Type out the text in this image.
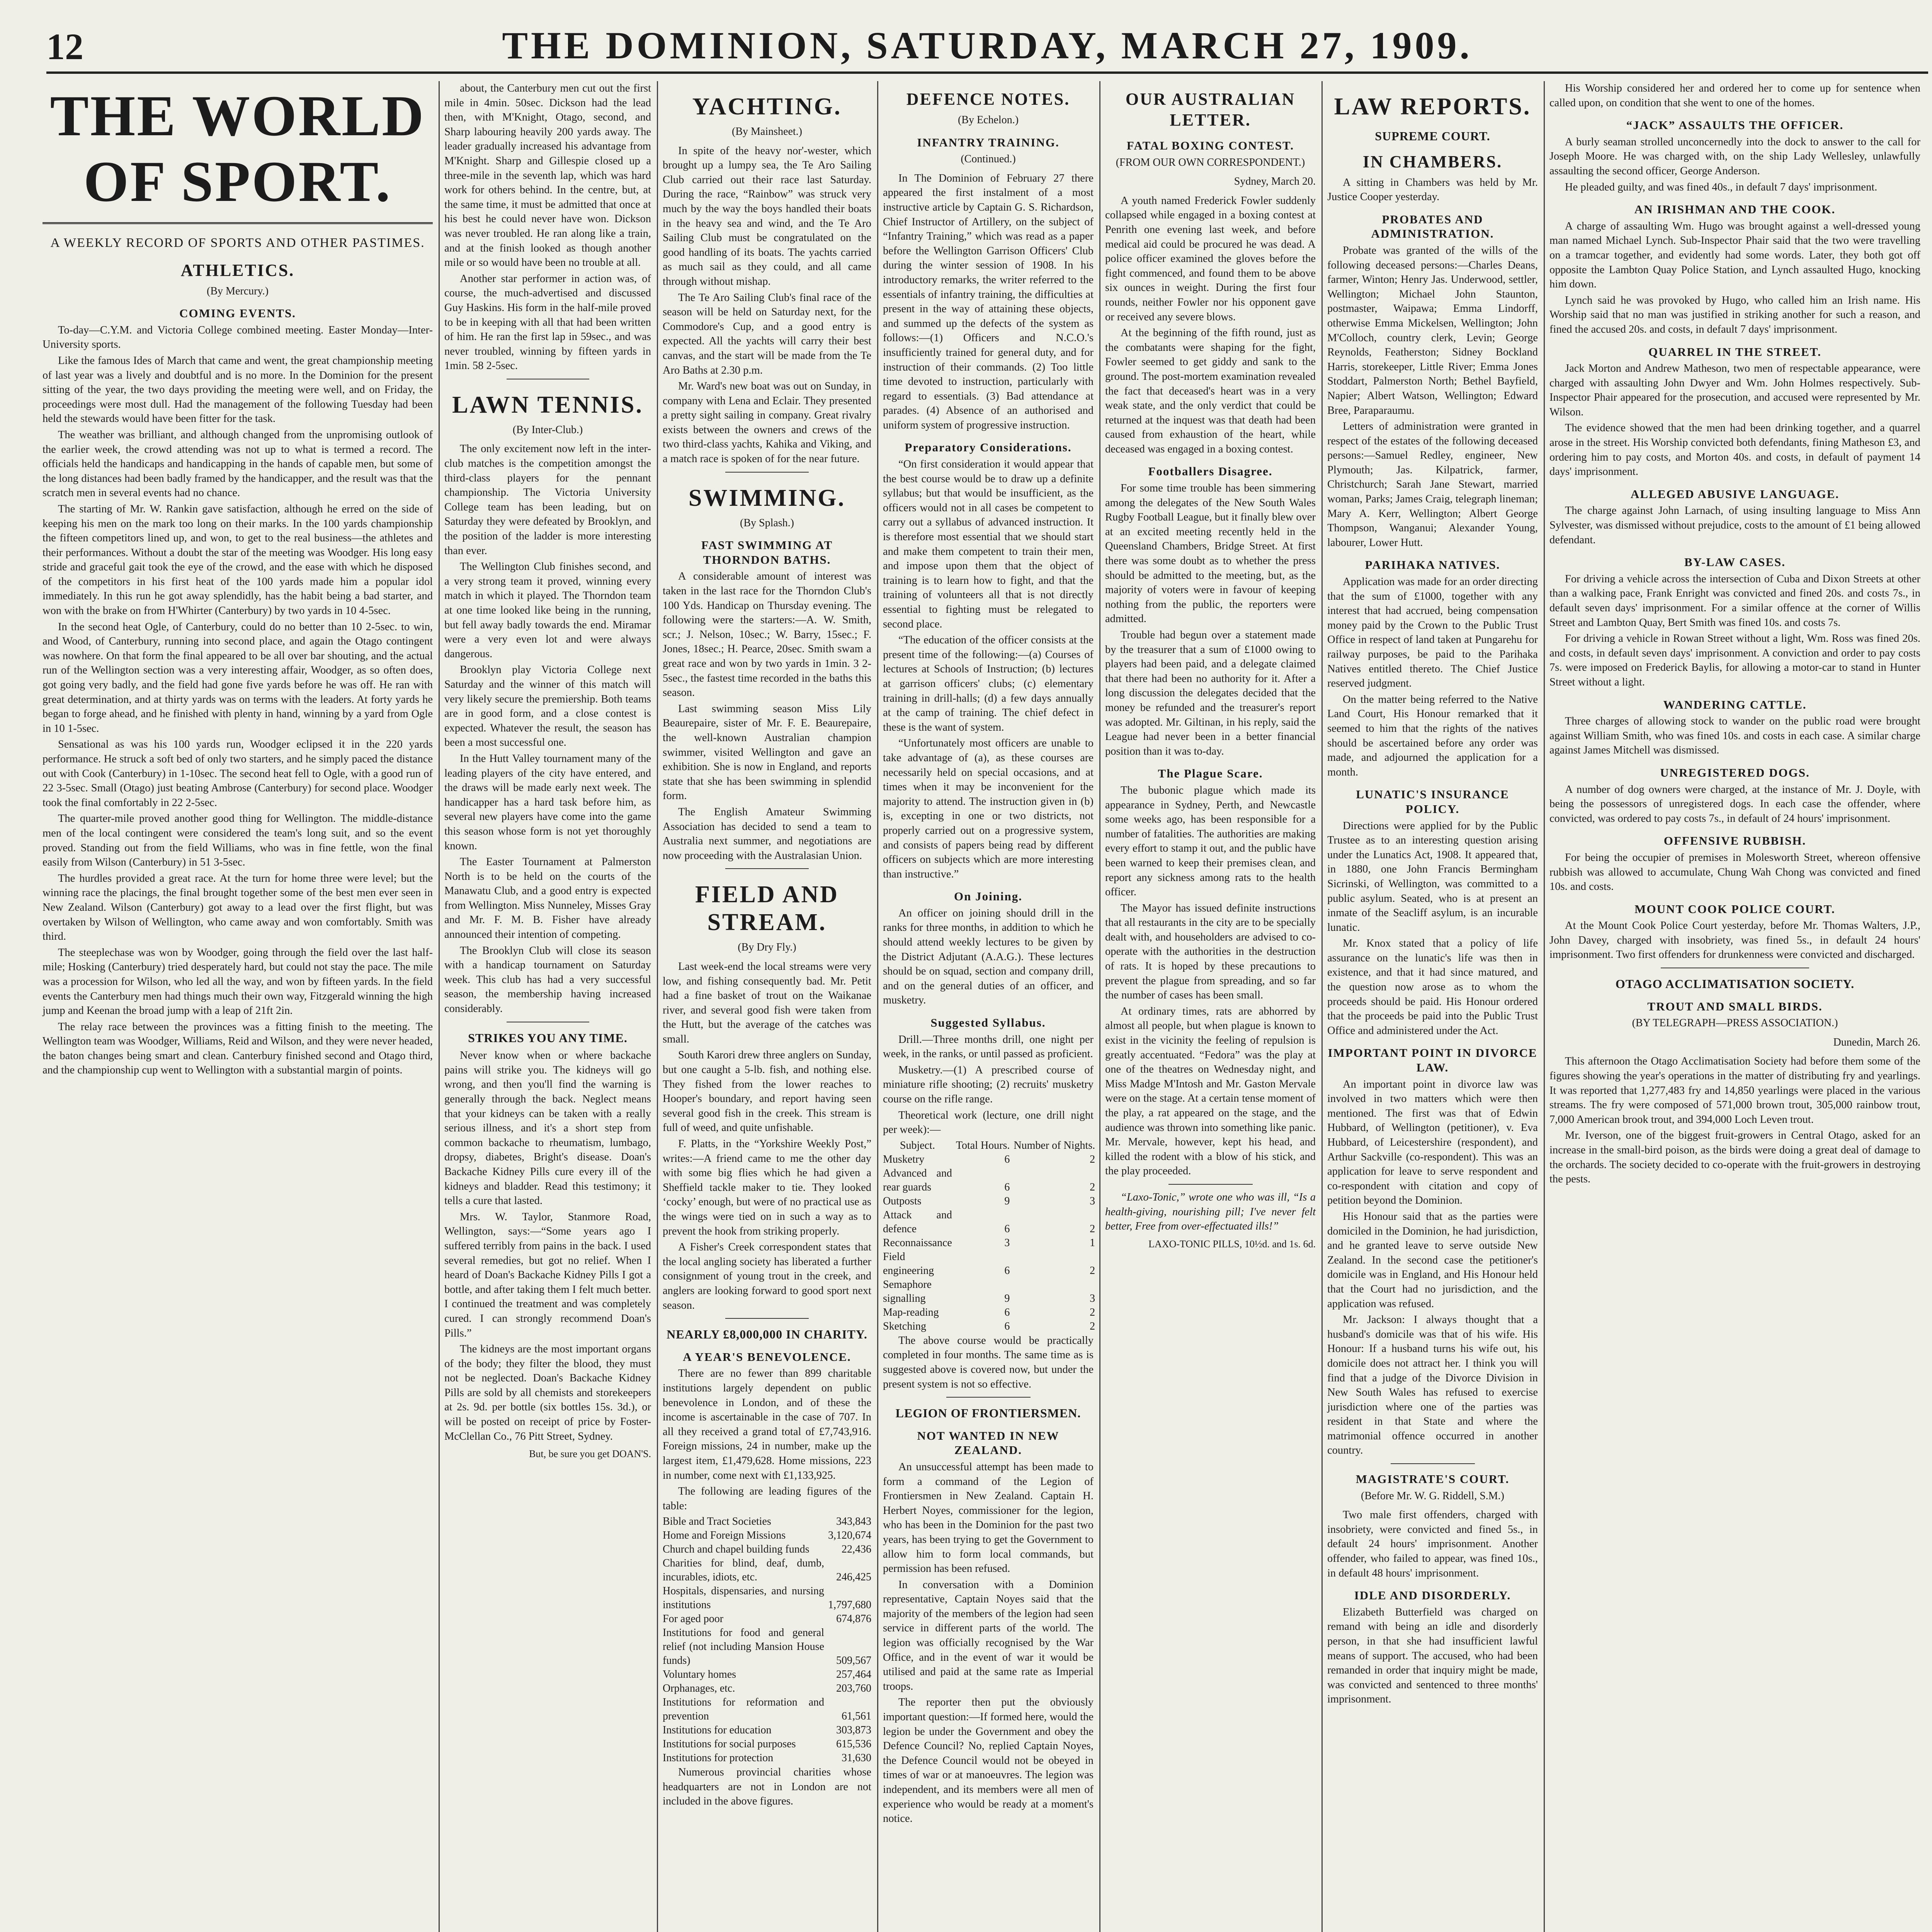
12	THE DOMINION, SATURDAY, MARCH 27, 1909.
THE WORLD OF SPORT.
A WEEKLY RECORD OF SPORTS AND OTHER PASTIMES.
ATHLETICS.
(By Mercury.)
COMING EVENTS.

To-day—C.Y.M. and Victoria College combined meeting. Easter Monday—Inter-University sports.

Like the famous Ides of March that came and went, the great championship meeting of last year was a lively and doubtful and is no more. In the Dominion for the present sitting of the year, the two days providing the meeting were well, and on Friday, the proceedings were most dull. Had the management of the following Tuesday had been held the stewards would have been fitter for the task.

The weather was brilliant, and although changed from the unpromising outlook of the earlier week, the crowd attending was not up to what is termed a record. The officials held the handicaps and handicapping in the hands of capable men, but some of the long distances had been badly framed by the handicapper, and the result was that the scratch men in several events had no chance.

The starting of Mr. W. Rankin gave satisfaction, although he erred on the side of keeping his men on the mark too long on their marks. In the 100 yards championship the fifteen competitors lined up, and won, to get to the real business—the athletes and their performances. Without a doubt the star of the meeting was Woodger. His long easy stride and graceful gait took the eye of the crowd, and the ease with which he disposed of the competitors in his first heat of the 100 yards made him a popular idol immediately. In this run he got away splendidly, has the habit being a bad starter, and won with the brake on from H'Whirter (Canterbury) by two yards in 10 4-5sec.

In the second heat Ogle, of Canterbury, could do no better than 10 2-5sec. to win, and Wood, of Canterbury, running into second place, and again the Otago contingent was nowhere. On that form the final appeared to be all over bar shouting, and the actual run of the Wellington section was a very interesting affair, Woodger, as so often does, got going very badly, and the field had gone five yards before he was off. He ran with great determination, and at thirty yards was on terms with the leaders. At forty yards he began to forge ahead, and he finished with plenty in hand, winning by a yard from Ogle in 10 1-5sec.

Sensational as was his 100 yards run, Woodger eclipsed it in the 220 yards performance. He struck a soft bed of only two starters, and he simply paced the distance out with Cook (Canterbury) in 1-10sec. The second heat fell to Ogle, with a good run of 22 3-5sec. Small (Otago) just beating Ambrose (Canterbury) for second place. Woodger took the final comfortably in 22 2-5sec.

The quarter-mile proved another good thing for Wellington. The middle-distance men of the local contingent were considered the team's long suit, and so the event proved. Standing out from the field Williams, who was in fine fettle, won the final easily from Wilson (Canterbury) in 51 3-5sec.

The hurdles provided a great race. At the turn for home three were level; but the winning race the placings, the final brought together some of the best men ever seen in New Zealand. Wilson (Canterbury) got away to a lead over the first flight, but was overtaken by Wilson of Wellington, who came away and won comfortably. Smith was third.

The steeplechase was won by Woodger, going through the field over the last half-mile; Hosking (Canterbury) tried desperately hard, but could not stay the pace. The mile was a procession for Wilson, who led all the way, and won by fifteen yards. In the field events the Canterbury men had things much their own way, Fitzgerald winning the high jump and Keenan the broad jump with a leap of 21ft 2in.

The relay race between the provinces was a fitting finish to the meeting. The Wellington team was Woodger, Williams, Reid and Wilson, and they were never headed, the baton changes being smart and clean. Canterbury finished second and Otago third, and the championship cup went to Wellington with a substantial margin of points.

about, the Canterbury men cut out the first mile in 4min. 50sec. Dickson had the lead then, with M'Knight, Otago, second, and Sharp labouring heavily 200 yards away. The leader gradually increased his advantage from M'Knight. Sharp and Gillespie closed up a three-mile in the seventh lap, which was hard work for others behind. In the centre, but, at the same time, it must be admitted that once at his best he could never have won. Dickson was never troubled. He ran along like a train, and at the finish looked as though another mile or so would have been no trouble at all.

Another star performer in action was, of course, the much-advertised and discussed Guy Haskins. His form in the half-mile proved to be in keeping with all that had been written of him. He ran the first lap in 59sec., and was never troubled, winning by fifteen yards in 1min. 58 2-5sec.

LAWN TENNIS.
(By Inter-Club.)

The only excitement now left in the inter-club matches is the competition amongst the third-class players for the pennant championship. The Victoria University College team has been leading, but on Saturday they were defeated by Brooklyn, and the position of the ladder is more interesting than ever.

The Wellington Club finishes second, and a very strong team it proved, winning every match in which it played. The Thorndon team at one time looked like being in the running, but fell away badly towards the end. Miramar were a very even lot and were always dangerous.

Brooklyn play Victoria College next Saturday and the winner of this match will very likely secure the premiership. Both teams are in good form, and a close contest is expected. Whatever the result, the season has been a most successful one.

In the Hutt Valley tournament many of the leading players of the city have entered, and the draws will be made early next week. The handicapper has a hard task before him, as several new players have come into the game this season whose form is not yet thoroughly known.

The Easter Tournament at Palmerston North is to be held on the courts of the Manawatu Club, and a good entry is expected from Wellington. Miss Nunneley, Misses Gray and Mr. F. M. B. Fisher have already announced their intention of competing.

The Brooklyn Club will close its season with a handicap tournament on Saturday week. This club has had a very successful season, the membership having increased considerably.

STRIKES YOU ANY TIME.

Never know when or where backache pains will strike you. The kidneys will go wrong, and then you'll find the warning is generally through the back. Neglect means that your kidneys can be taken with a really serious illness, and it's a short step from common backache to rheumatism, lumbago, dropsy, diabetes, Bright's disease. Doan's Backache Kidney Pills cure every ill of the kidneys and bladder. Read this testimony; it tells a cure that lasted.

Mrs. W. Taylor, Stanmore Road, Wellington, says:—“Some years ago I suffered terribly from pains in the back. I used several remedies, but got no relief. When I heard of Doan's Backache Kidney Pills I got a bottle, and after taking them I felt much better. I continued the treatment and was completely cured. I can strongly recommend Doan's Pills.”

The kidneys are the most important organs of the body; they filter the blood, they must not be neglected. Doan's Backache Kidney Pills are sold by all chemists and storekeepers at 2s. 9d. per bottle (six bottles 15s. 3d.), or will be posted on receipt of price by Foster-McClellan Co., 76 Pitt Street, Sydney.

But, be sure you get DOAN'S.
YACHTING.
(By Mainsheet.)

In spite of the heavy nor'-wester, which brought up a lumpy sea, the Te Aro Sailing Club carried out their race last Saturday. During the race, “Rainbow” was struck very much by the way the boys handled their boats in the heavy sea and wind, and the Te Aro Sailing Club must be congratulated on the good handling of its boats. The yachts carried as much sail as they could, and all came through without mishap.

The Te Aro Sailing Club's final race of the season will be held on Saturday next, for the Commodore's Cup, and a good entry is expected. All the yachts will carry their best canvas, and the start will be made from the Te Aro Baths at 2.30 p.m.

Mr. Ward's new boat was out on Sunday, in company with Lena and Eclair. They presented a pretty sight sailing in company. Great rivalry exists between the owners and crews of the two third-class yachts, Kahika and Viking, and a match race is spoken of for the near future.

SWIMMING.
(By Splash.)
FAST SWIMMING AT THORNDON BATHS.

A considerable amount of interest was taken in the last race for the Thorndon Club's 100 Yds. Handicap on Thursday evening. The following were the starters:—A. W. Smith, scr.; J. Nelson, 10sec.; W. Barry, 15sec.; F. Jones, 18sec.; H. Pearce, 20sec. Smith swam a great race and won by two yards in 1min. 3 2-5sec., the fastest time recorded in the baths this season.

Last swimming season Miss Lily Beaurepaire, sister of Mr. F. E. Beaurepaire, the well-known Australian champion swimmer, visited Wellington and gave an exhibition. She is now in England, and reports state that she has been swimming in splendid form.

The English Amateur Swimming Association has decided to send a team to Australia next summer, and negotiations are now proceeding with the Australasian Union.

FIELD AND STREAM.
(By Dry Fly.)

Last week-end the local streams were very low, and fishing consequently bad. Mr. Petit had a fine basket of trout on the Waikanae river, and several good fish were taken from the Hutt, but the average of the catches was small.

South Karori drew three anglers on Sunday, but one caught a 5-lb. fish, and nothing else. They fished from the lower reaches to Hooper's boundary, and report having seen several good fish in the creek. This stream is full of weed, and quite unfishable.

F. Platts, in the “Yorkshire Weekly Post,” writes:—A friend came to me the other day with some big flies which he had given a Sheffield tackle maker to tie. They looked ‘cocky’ enough, but were of no practical use as the wings were tied on in such a way as to prevent the hook from striking properly.

A Fisher's Creek correspondent states that the local angling society has liberated a further consignment of young trout in the creek, and anglers are looking forward to good sport next season.

NEARLY £8,000,000 IN CHARITY.
A YEAR'S BENEVOLENCE.

There are no fewer than 899 charitable institutions largely dependent on public benevolence in London, and of these the income is ascertainable in the case of 707. In all they received a grand total of £7,743,916. Foreign missions, 24 in number, make up the largest item, £1,479,628. Home missions, 223 in number, come next with £1,133,925.

The following are leading figures of the table:

Bible and Tract Societies	343,843
Home and Foreign Missions	3,120,674
Church and chapel building funds	22,436
Charities for blind, deaf, dumb, incurables, idiots, etc.	246,425
Hospitals, dispensaries, and nursing institutions	1,797,680
For aged poor	674,876
Institutions for food and general relief (not including Mansion House funds)	509,567
Voluntary homes	257,464
Orphanages, etc.	203,760
Institutions for reformation and prevention	61,561
Institutions for education	303,873
Institutions for social purposes	615,536
Institutions for protection	31,630

Numerous provincial charities whose headquarters are not in London are not included in the above figures.

DEFENCE NOTES.
(By Echelon.)
INFANTRY TRAINING.
(Continued.)

In The Dominion of February 27 there appeared the first instalment of a most instructive article by Captain G. S. Richardson, Chief Instructor of Artillery, on the subject of “Infantry Training,” which was read as a paper before the Wellington Garrison Officers' Club during the winter session of 1908. In his introductory remarks, the writer referred to the essentials of infantry training, the difficulties at present in the way of attaining these objects, and summed up the defects of the system as follows:—(1) Officers and N.C.O.'s insufficiently trained for general duty, and for instruction of their commands. (2) Too little time devoted to instruction, particularly with regard to essentials. (3) Bad attendance at parades. (4) Absence of an authorised and uniform system of progressive instruction.

Preparatory Considerations.

“On first consideration it would appear that the best course would be to draw up a definite syllabus; but that would be insufficient, as the officers would not in all cases be competent to carry out a syllabus of advanced instruction. It is therefore most essential that we should start and make them competent to train their men, and impose upon them that the object of training is to learn how to fight, and that the training of volunteers all that is not directly essential to fighting must be relegated to second place.

“The education of the officer consists at the present time of the following:—(a) Courses of lectures at Schools of Instruction; (b) lectures at garrison officers' clubs; (c) elementary training in drill-halls; (d) a few days annually at the camp of training. The chief defect in these is the want of system.

“Unfortunately most officers are unable to take advantage of (a), as these courses are necessarily held on special occasions, and at times when it may be inconvenient for the majority to attend. The instruction given in (b) is, excepting in one or two districts, not properly carried out on a progressive system, and consists of papers being read by different officers on subjects which are more interesting than instructive.”

On Joining.

An officer on joining should drill in the ranks for three months, in addition to which he should attend weekly lectures to be given by the District Adjutant (A.A.G.). These lectures should be on squad, section and company drill, and on the general duties of an officer, and musketry.

Suggested Syllabus.

Drill.—Three months drill, one night per week, in the ranks, or until passed as proficient.

Musketry.—(1) A prescribed course of miniature rifle shooting; (2) recruits' musketry course on the rifle range.

Theoretical work (lecture, one drill night per week):—

Subject.	Total Hours.	Number of Nights.
Musketry	6	2
Advanced and rear guards	6	2
Outposts	9	3
Attack and defence	6	2
Reconnaissance	3	1
Field engineering	6	2
Semaphore signalling	9	3
Map-reading	6	2
Sketching	6	2

The above course would be practically completed in four months. The same time as is suggested above is covered now, but under the present system is not so effective.

LEGION OF FRONTIERSMEN.
NOT WANTED IN NEW ZEALAND.

An unsuccessful attempt has been made to form a command of the Legion of Frontiersmen in New Zealand. Captain H. Herbert Noyes, commissioner for the legion, who has been in the Dominion for the past two years, has been trying to get the Government to allow him to form local commands, but permission has been refused.

In conversation with a Dominion representative, Captain Noyes said that the majority of the members of the legion had seen service in different parts of the world. The legion was officially recognised by the War Office, and in the event of war it would be utilised and paid at the same rate as Imperial troops.

The reporter then put the obviously important question:—If formed here, would the legion be under the Government and obey the Defence Council? No, replied Captain Noyes, the Defence Council would not be obeyed in times of war or at manoeuvres. The legion was independent, and its members were all men of experience who would be ready at a moment's notice.

OUR AUSTRALIAN LETTER.
FATAL BOXING CONTEST.
(FROM OUR OWN CORRESPONDENT.)
Sydney, March 20.

A youth named Frederick Fowler suddenly collapsed while engaged in a boxing contest at Penrith one evening last week, and before medical aid could be procured he was dead. A police officer examined the gloves before the fight commenced, and found them to be above six ounces in weight. During the first four rounds, neither Fowler nor his opponent gave or received any severe blows.

At the beginning of the fifth round, just as the combatants were shaping for the fight, Fowler seemed to get giddy and sank to the ground. The post-mortem examination revealed the fact that deceased's heart was in a very weak state, and the only verdict that could be returned at the inquest was that death had been caused from exhaustion of the heart, while deceased was engaged in a boxing contest.

Footballers Disagree.

For some time trouble has been simmering among the delegates of the New South Wales Rugby Football League, but it finally blew over at an excited meeting recently held in the Queensland Chambers, Bridge Street. At first there was some doubt as to whether the press should be admitted to the meeting, but, as the majority of voters were in favour of keeping nothing from the public, the reporters were admitted.

Trouble had begun over a statement made by the treasurer that a sum of £1000 owing to players had been paid, and a delegate claimed that there had been no authority for it. After a long discussion the delegates decided that the money be refunded and the treasurer's report was adopted. Mr. Giltinan, in his reply, said the League had never been in a better financial position than it was to-day.

The Plague Scare.

The bubonic plague which made its appearance in Sydney, Perth, and Newcastle some weeks ago, has been responsible for a number of fatalities. The authorities are making every effort to stamp it out, and the public have been warned to keep their premises clean, and report any sickness among rats to the health officer.

The Mayor has issued definite instructions that all restaurants in the city are to be specially dealt with, and householders are advised to co-operate with the authorities in the destruction of rats. It is hoped by these precautions to prevent the plague from spreading, and so far the number of cases has been small.

At ordinary times, rats are abhorred by almost all people, but when plague is known to exist in the vicinity the feeling of repulsion is greatly accentuated. “Fedora” was the play at one of the theatres on Wednesday night, and Miss Madge M'Intosh and Mr. Gaston Mervale were on the stage. At a certain tense moment of the play, a rat appeared on the stage, and the audience was thrown into something like panic. Mr. Mervale, however, kept his head, and killed the rodent with a blow of his stick, and the play proceeded.

“Laxo-Tonic,” wrote one who was ill, “Is a health-giving, nourishing pill; I've never felt better, Free from over-effectuated ills!”

LAXO-TONIC PILLS, 10½d. and 1s. 6d.
LAW REPORTS.
SUPREME COURT.
IN CHAMBERS.

A sitting in Chambers was held by Mr. Justice Cooper yesterday.

PROBATES AND ADMINISTRATION.

Probate was granted of the wills of the following deceased persons:—Charles Deans, farmer, Winton; Henry Jas. Underwood, settler, Wellington; Michael John Staunton, postmaster, Waipawa; Emma Lindorff, otherwise Emma Mickelsen, Wellington; John M'Colloch, country clerk, Levin; George Reynolds, Featherston; Sidney Bockland Harris, storekeeper, Little River; Emma Jones Stoddart, Palmerston North; Bethel Bayfield, Napier; Albert Watson, Wellington; Edward Bree, Paraparaumu.

Letters of administration were granted in respect of the estates of the following deceased persons:—Samuel Redley, engineer, New Plymouth; Jas. Kilpatrick, farmer, Christchurch; Sarah Jane Stewart, married woman, Parks; James Craig, telegraph lineman; Mary A. Kerr, Wellington; Albert George Thompson, Wanganui; Alexander Young, labourer, Lower Hutt.

PARIHAKA NATIVES.

Application was made for an order directing that the sum of £1000, together with any interest that had accrued, being compensation money paid by the Crown to the Public Trust Office in respect of land taken at Pungarehu for railway purposes, be paid to the Parihaka Natives entitled thereto. The Chief Justice reserved judgment.

On the matter being referred to the Native Land Court, His Honour remarked that it seemed to him that the rights of the natives should be ascertained before any order was made, and adjourned the application for a month.

LUNATIC'S INSURANCE POLICY.

Directions were applied for by the Public Trustee as to an interesting question arising under the Lunatics Act, 1908. It appeared that, in 1880, one John Francis Bermingham Sicrinski, of Wellington, was committed to a public asylum. Seated, who is at present an inmate of the Seacliff asylum, is an incurable lunatic.

Mr. Knox stated that a policy of life assurance on the lunatic's life was then in existence, and that it had since matured, and the question now arose as to whom the proceeds should be paid. His Honour ordered that the proceeds be paid into the Public Trust Office and administered under the Act.

IMPORTANT POINT IN DIVORCE LAW.

An important point in divorce law was involved in two matters which were then mentioned. The first was that of Edwin Hubbard, of Wellington (petitioner), v. Eva Hubbard, of Leicestershire (respondent), and Arthur Sackville (co-respondent). This was an application for leave to serve respondent and co-respondent with citation and copy of petition beyond the Dominion.

His Honour said that as the parties were domiciled in the Dominion, he had jurisdiction, and he granted leave to serve outside New Zealand. In the second case the petitioner's domicile was in England, and His Honour held that the Court had no jurisdiction, and the application was refused.

Mr. Jackson: I always thought that a husband's domicile was that of his wife. His Honour: If a husband turns his wife out, his domicile does not attract her. I think you will find that a judge of the Divorce Division in New South Wales has refused to exercise jurisdiction where one of the parties was resident in that State and where the matrimonial offence occurred in another country.

MAGISTRATE'S COURT.
(Before Mr. W. G. Riddell, S.M.)

Two male first offenders, charged with insobriety, were convicted and fined 5s., in default 24 hours' imprisonment. Another offender, who failed to appear, was fined 10s., in default 48 hours' imprisonment.

IDLE AND DISORDERLY.

Elizabeth Butterfield was charged on remand with being an idle and disorderly person, in that she had insufficient lawful means of support. The accused, who had been remanded in order that inquiry might be made, was convicted and sentenced to three months' imprisonment.

His Worship considered her and ordered her to come up for sentence when called upon, on condition that she went to one of the homes.

“JACK” ASSAULTS THE OFFICER.

A burly seaman strolled unconcernedly into the dock to answer to the call for Joseph Moore. He was charged with, on the ship Lady Wellesley, unlawfully assaulting the second officer, George Anderson.

He pleaded guilty, and was fined 40s., in default 7 days' imprisonment.

AN IRISHMAN AND THE COOK.

A charge of assaulting Wm. Hugo was brought against a well-dressed young man named Michael Lynch. Sub-Inspector Phair said that the two were travelling on a tramcar together, and evidently had some words. Later, they both got off opposite the Lambton Quay Police Station, and Lynch assaulted Hugo, knocking him down.

Lynch said he was provoked by Hugo, who called him an Irish name. His Worship said that no man was justified in striking another for such a reason, and fined the accused 20s. and costs, in default 7 days' imprisonment.

QUARREL IN THE STREET.

Jack Morton and Andrew Matheson, two men of respectable appearance, were charged with assaulting John Dwyer and Wm. John Holmes respectively. Sub-Inspector Phair appeared for the prosecution, and accused were represented by Mr. Wilson.

The evidence showed that the men had been drinking together, and a quarrel arose in the street. His Worship convicted both defendants, fining Matheson £3, and ordering him to pay costs, and Morton 40s. and costs, in default of payment 14 days' imprisonment.

ALLEGED ABUSIVE LANGUAGE.

The charge against John Larnach, of using insulting language to Miss Ann Sylvester, was dismissed without prejudice, costs to the amount of £1 being allowed defendant.

BY-LAW CASES.

For driving a vehicle across the intersection of Cuba and Dixon Streets at other than a walking pace, Frank Enright was convicted and fined 20s. and costs 7s., in default seven days' imprisonment. For a similar offence at the corner of Willis Street and Lambton Quay, Bert Smith was fined 10s. and costs 7s.

For driving a vehicle in Rowan Street without a light, Wm. Ross was fined 20s. and costs, in default seven days' imprisonment. A conviction and order to pay costs 7s. were imposed on Frederick Baylis, for allowing a motor-car to stand in Hunter Street without a light.

WANDERING CATTLE.

Three charges of allowing stock to wander on the public road were brought against William Smith, who was fined 10s. and costs in each case. A similar charge against James Mitchell was dismissed.

UNREGISTERED DOGS.

A number of dog owners were charged, at the instance of Mr. J. Doyle, with being the possessors of unregistered dogs. In each case the offender, where convicted, was ordered to pay costs 7s., in default of 24 hours' imprisonment.

OFFENSIVE RUBBISH.

For being the occupier of premises in Molesworth Street, whereon offensive rubbish was allowed to accumulate, Chung Wah Chong was convicted and fined 10s. and costs.

MOUNT COOK POLICE COURT.

At the Mount Cook Police Court yesterday, before Mr. Thomas Walters, J.P., John Davey, charged with insobriety, was fined 5s., in default 24 hours' imprisonment. Two first offenders for drunkenness were convicted and discharged.

OTAGO ACCLIMATISATION SOCIETY.
TROUT AND SMALL BIRDS.
(BY TELEGRAPH—PRESS ASSOCIATION.)
Dunedin, March 26.

This afternoon the Otago Acclimatisation Society had before them some of the figures showing the year's operations in the matter of distributing fry and yearlings. It was reported that 1,277,483 fry and 14,850 yearlings were placed in the various streams. The fry were composed of 571,000 brown trout, 305,000 rainbow trout, 7,000 American brook trout, and 394,000 Loch Leven trout.

Mr. Iverson, one of the biggest fruit-growers in Central Otago, asked for an increase in the small-bird poison, as the birds were doing a great deal of damage to the orchards. The society decided to co-operate with the fruit-growers in destroying the pests.
